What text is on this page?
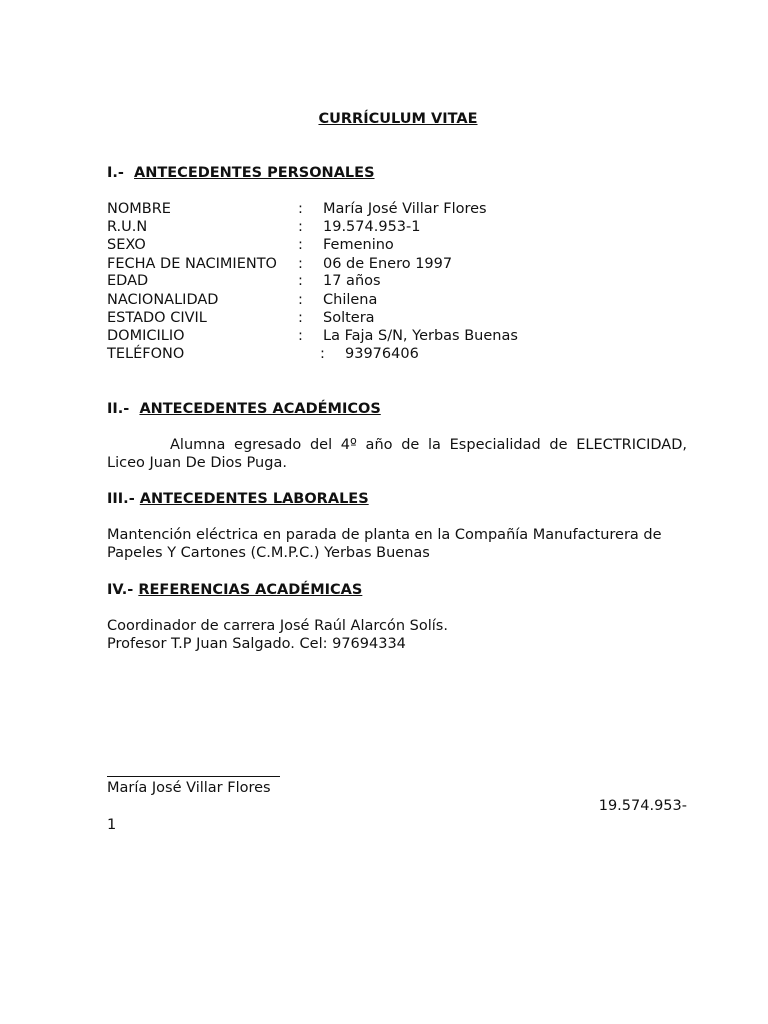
CURRÍCULUM VITAE
I.- ANTECEDENTES PERSONALES
NOMBRE	: María José Villar Flores
R.U.N	: 19.574.953-1
SEXO	: Femenino
FECHA DE NACIMIENTO : 06 de Enero 1997
EDAD	: 17 años
NACIONALIDAD	: Chilena
ESTADO CIVIL	: Soltera
DOMICILIO	: La Faja S/N, Yerbas Buenas
TELÉFONO	: 93976406
II.- ANTECEDENTES ACADÉMICOS
Alumna egresado del 4º año de la Especialidad de ELECTRICIDAD, Liceo Juan De Dios Puga.
III.- ANTECEDENTES LABORALES
Mantención eléctrica en parada de planta en la Compañía Manufacturera de Papeles Y Cartones (C.M.P.C.) Yerbas Buenas
IV.- REFERENCIAS ACADÉMICAS
Coordinador de carrera José Raúl Alarcón Solís.
Profesor T.P Juan Salgado. Cel: 97694334
María José Villar Flores
19.574.953-
1
